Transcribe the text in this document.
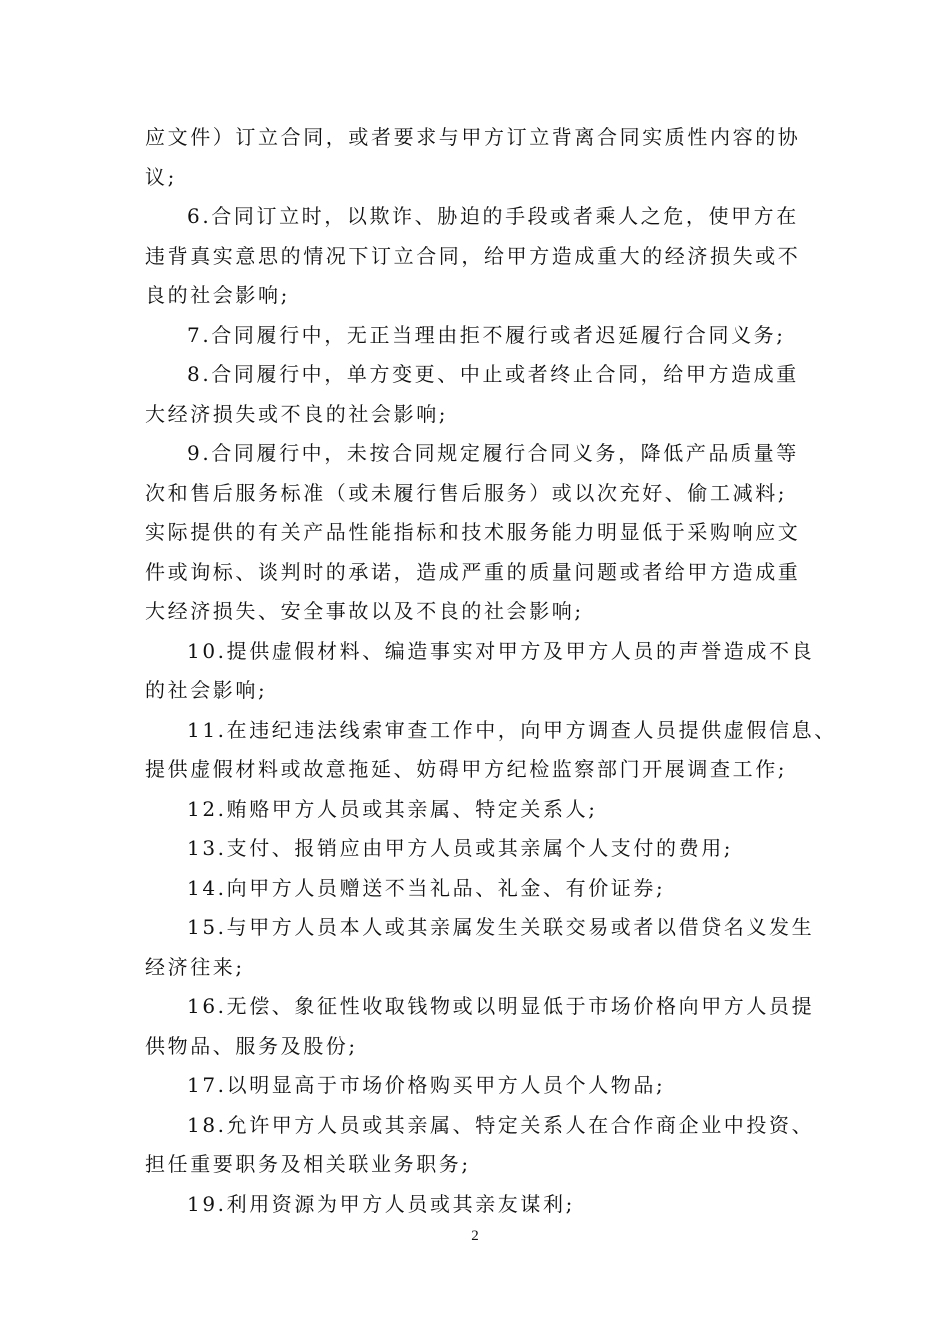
应文件）订立合同，或者要求与甲方订立背离合同实质性内容的协
议;
6.合同订立时，以欺诈、胁迫的手段或者乘人之危，使甲方在
违背真实意思的情况下订立合同，给甲方造成重大的经济损失或不
良的社会影响;
7.合同履行中，无正当理由拒不履行或者迟延履行合同义务;
8.合同履行中，单方变更、中止或者终止合同，给甲方造成重
大经济损失或不良的社会影响;
9.合同履行中，未按合同规定履行合同义务，降低产品质量等
次和售后服务标准（或未履行售后服务）或以次充好、偷工减料;
实际提供的有关产品性能指标和技术服务能力明显低于采购响应文
件或询标、谈判时的承诺，造成严重的质量问题或者给甲方造成重
大经济损失、安全事故以及不良的社会影响;
10.提供虚假材料、编造事实对甲方及甲方人员的声誉造成不良
的社会影响;
11.在违纪违法线索审查工作中，向甲方调查人员提供虚假信息、
提供虚假材料或故意拖延、妨碍甲方纪检监察部门开展调查工作;
12.贿赂甲方人员或其亲属、特定关系人;
13.支付、报销应由甲方人员或其亲属个人支付的费用;
14.向甲方人员赠送不当礼品、礼金、有价证券;
15.与甲方人员本人或其亲属发生关联交易或者以借贷名义发生
经济往来;
16.无偿、象征性收取钱物或以明显低于市场价格向甲方人员提
供物品、服务及股份;
17.以明显高于市场价格购买甲方人员个人物品;
18.允许甲方人员或其亲属、特定关系人在合作商企业中投资、
担任重要职务及相关联业务职务;
19.利用资源为甲方人员或其亲友谋利;
2
